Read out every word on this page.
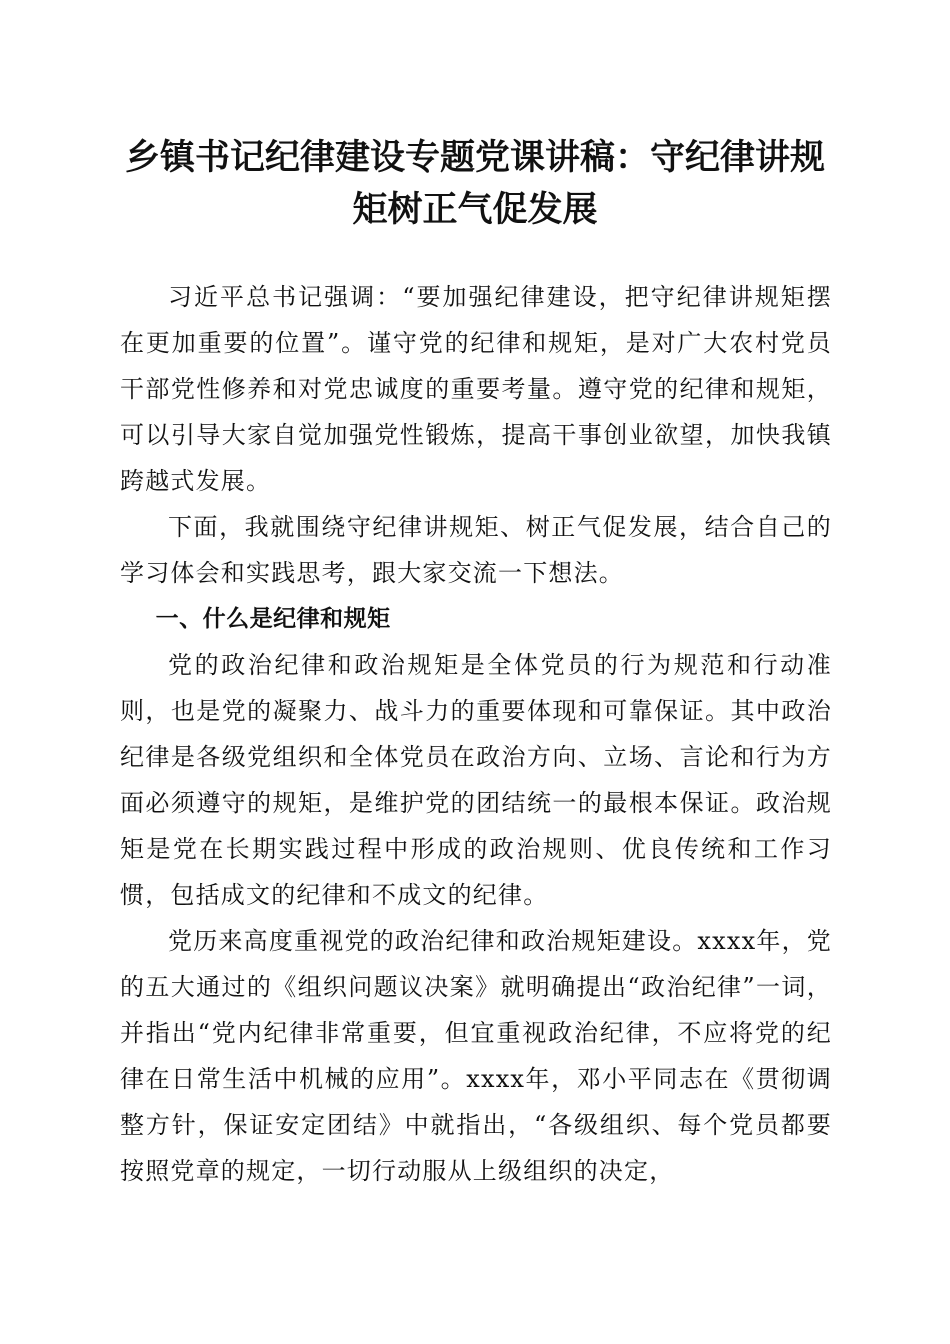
乡镇书记纪律建设专题党课讲稿：守纪律讲规
矩树正气促发展

习近平总书记强调：“要加强纪律建设，把守纪律讲规矩摆在更加重要的位置”。谨守党的纪律和规矩，是对广大农村党员干部党性修养和对党忠诚度的重要考量。遵守党的纪律和规矩，可以引导大家自觉加强党性锻炼，提高干事创业欲望，加快我镇跨越式发展。

下面，我就围绕守纪律讲规矩、树正气促发展，结合自己的学习体会和实践思考，跟大家交流一下想法。

一、什么是纪律和规矩

党的政治纪律和政治规矩是全体党员的行为规范和行动准则，也是党的凝聚力、战斗力的重要体现和可靠保证。其中政治纪律是各级党组织和全体党员在政治方向、立场、言论和行为方面必须遵守的规矩，是维护党的团结统一的最根本保证。政治规矩是党在长期实践过程中形成的政治规则、优良传统和工作习惯，包括成文的纪律和不成文的纪律。

党历来高度重视党的政治纪律和政治规矩建设。xxxx年，党的五大通过的《组织问题议决案》就明确提出“政治纪律”一词，并指出“党内纪律非常重要，但宜重视政治纪律，不应将党的纪律在日常生活中机械的应用”。xxxx年，邓小平同志在《贯彻调整方针，保证安定团结》中就指出，“各级组织、每个党员都要按照党章的规定，一切行动服从上级组织的决定，
